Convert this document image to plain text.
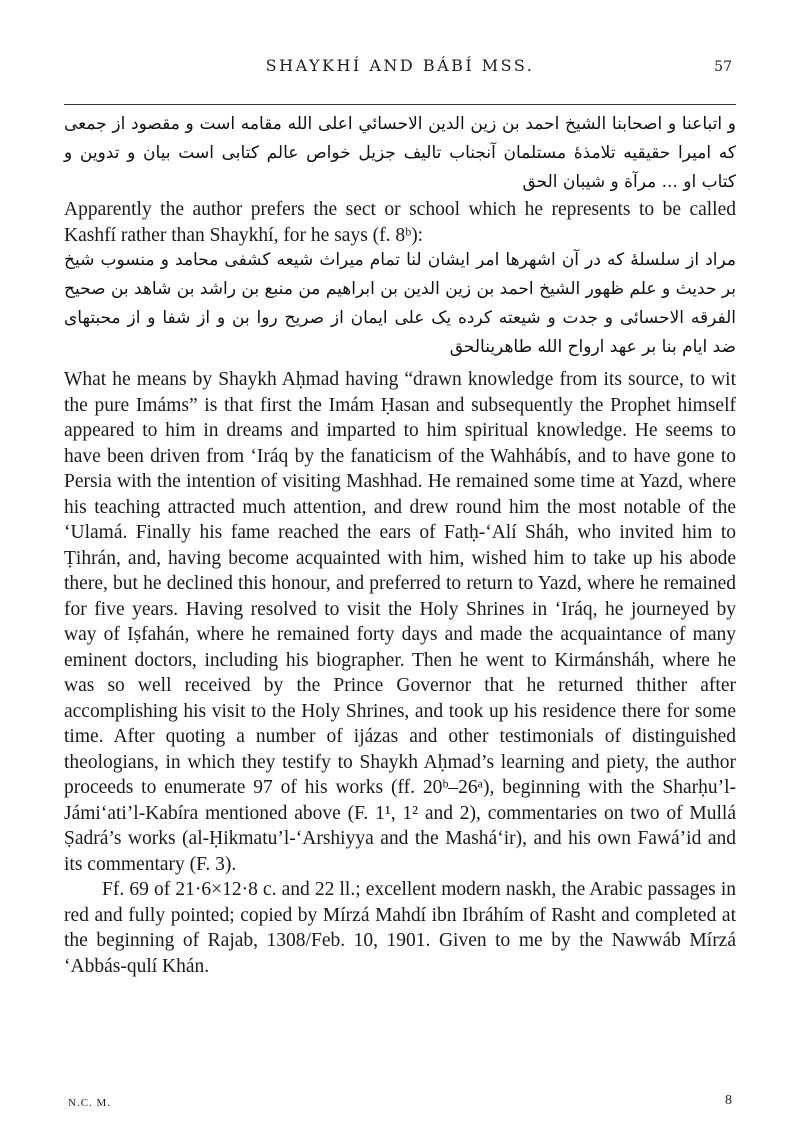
SHAYKHÍ AND BÁBÍ MSS.	57

و اتباعنا و اصحابنا الشيخ احمد بن زين الدين الاحسائي اعلى الله مقامه است و مقصود از جمعی که امیرا حقیقیه تلامذهٔ مستلمان آنجناب تاليف جزیل خواص عالم کتابی است بیان و تدوین و کتاب او ... مرآة و شیبان الحق

Apparently the author prefers the sect or school which he represents to be called Kashfí rather than Shaykhí, for he says (f. 8ᵇ):

مراد از سلسلهٔ که در آن اشهرها امر ایشان لنا تمام میراث شیعه کشفی محامد و منسوب شیخ بر حدیث و علم ظهور الشیخ احمد بن زین الدین بن ابراهیم من منبع بن راشد بن شاهد بن صحیح الفرقه الاحسائی و جدت و شیعته کرده یک علی ایمان از صریح روا بن و از شفا و از محبتهای ضد ایام بنا بر عهد ارواح الله طاهرینالحق

What he means by Shaykh Aḥmad having “drawn knowledge from its source, to wit the pure Imáms” is that first the Imám Ḥasan and subsequently the Prophet himself appeared to him in dreams and imparted to him spiritual knowledge. He seems to have been driven from ‘Iráq by the fanaticism of the Wahhábís, and to have gone to Persia with the intention of visiting Mashhad. He remained some time at Yazd, where his teaching attracted much attention, and drew round him the most notable of the ‘Ulamá. Finally his fame reached the ears of Fatḥ-‘Alí Sháh, who invited him to Ṭihrán, and, having become acquainted with him, wished him to take up his abode there, but he declined this honour, and preferred to return to Yazd, where he remained for five years. Having resolved to visit the Holy Shrines in ‘Iráq, he journeyed by way of Iṣfahán, where he remained forty days and made the acquaintance of many eminent doctors, including his biographer. Then he went to Kirmánsháh, where he was so well received by the Prince Governor that he returned thither after accomplishing his visit to the Holy Shrines, and took up his residence there for some time. After quoting a number of ijázas and other testimonials of distinguished theologians, in which they testify to Shaykh Aḥmad’s learning and piety, the author proceeds to enumerate 97 of his works (ff. 20ᵇ–26ᵃ), beginning with the Sharḥu’l-Jámi‘ati’l-Kabíra mentioned above (F. 1¹, 1² and 2), commentaries on two of Mullá Ṣadrá’s works (al-Ḥikmatu’l-‘Arshiyya and the Mashá‘ir), and his own Fawá’id and its commentary (F. 3).

Ff. 69 of 21·6×12·8 c. and 22 ll.; excellent modern naskh, the Arabic passages in red and fully pointed; copied by Mírzá Mahdí ibn Ibráhím of Rasht and completed at the beginning of Rajab, 1308/Feb. 10, 1901. Given to me by the Nawwáb Mírzá ‘Abbás-qulí Khán.

N.C. M.	8
